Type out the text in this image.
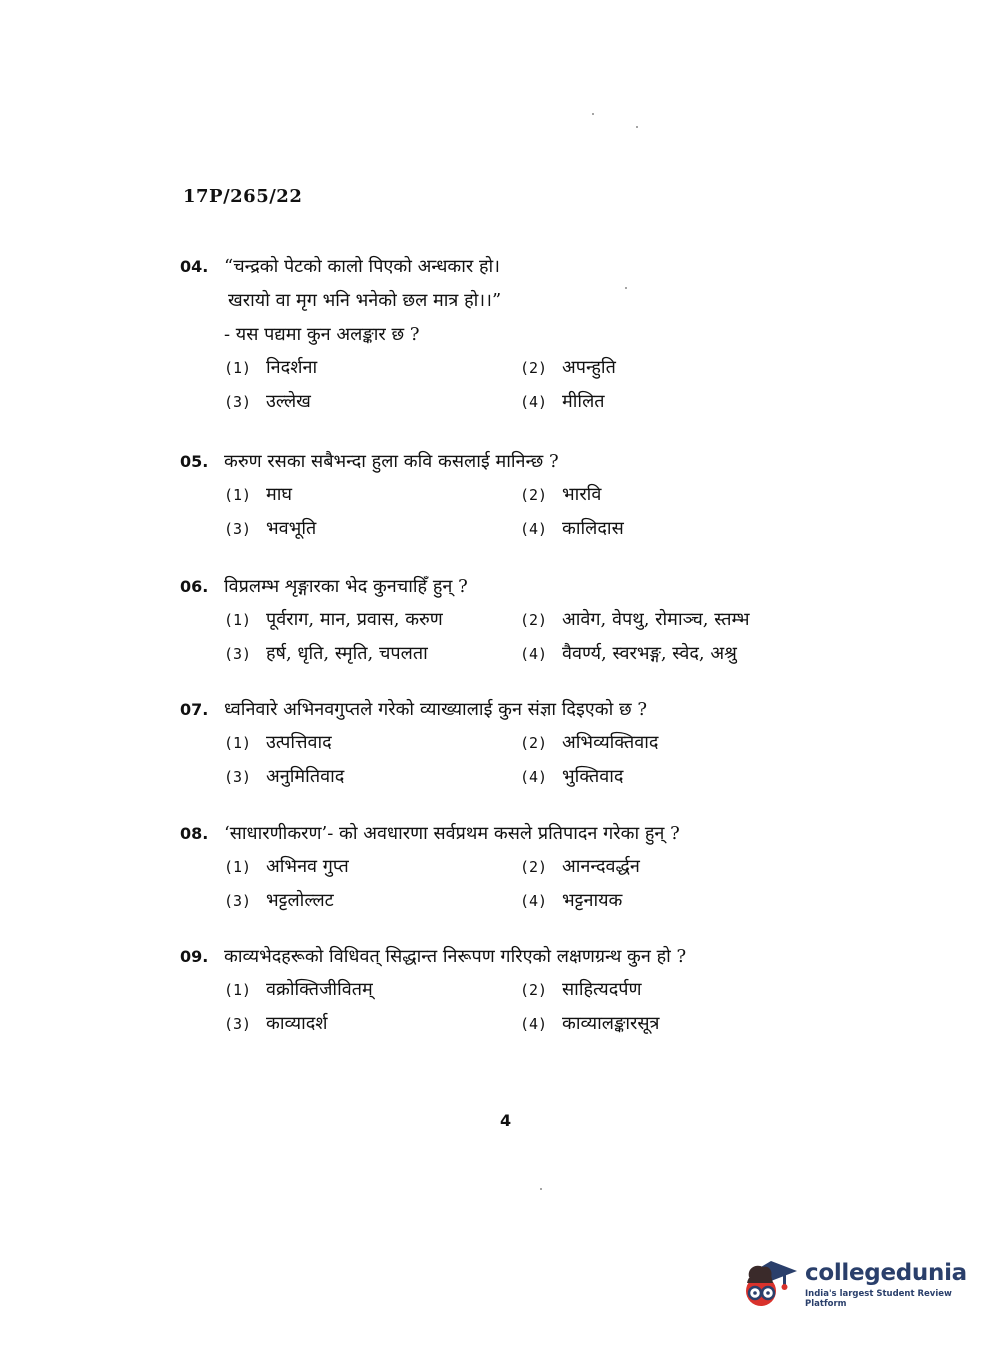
17P/265/22
04. “चन्द्रको पेटको कालो पिएको अन्धकार हो।
खरायो वा मृग भनि भनेको छल मात्र हो।।”
- यस पद्यमा कुन अलङ्कार छ ?
(1) निदर्शना	(2) अपन्हुति
(3) उल्लेख	(4) मीलित
05. करुण रसका सबैभन्दा हुला कवि कसलाई मानिन्छ ?
(1) माघ	(2) भारवि
(3) भवभूति	(4) कालिदास
06. विप्रलम्भ शृङ्गारका भेद कुनचाहिँ हुन् ?
(1) पूर्वराग, मान, प्रवास, करुण	(2) आवेग, वेपथु, रोमाञ्च, स्तम्भ
(3) हर्ष, धृति, स्मृति, चपलता	(4) वैवर्ण्य, स्वरभङ्ग, स्वेद, अश्रु
07. ध्वनिवारे अभिनवगुप्तले गरेको व्याख्यालाई कुन संज्ञा दिइएको छ ?
(1) उत्पत्तिवाद	(2) अभिव्यक्तिवाद
(3) अनुमितिवाद	(4) भुक्तिवाद
08. ‘साधारणीकरण’- को अवधारणा सर्वप्रथम कसले प्रतिपादन गरेका हुन् ?
(1) अभिनव गुप्त	(2) आनन्दवर्द्धन
(3) भट्टलोल्लट	(4) भट्टनायक
09. काव्यभेदहरूको विधिवत् सिद्धान्त निरूपण गरिएको लक्षणग्रन्थ कुन हो ?
(1) वक्रोक्तिजीवितम्	(2) साहित्यदर्पण
(3) काव्यादर्श	(4) काव्यालङ्कारसूत्र
4
collegedunia
India's largest Student Review Platform
